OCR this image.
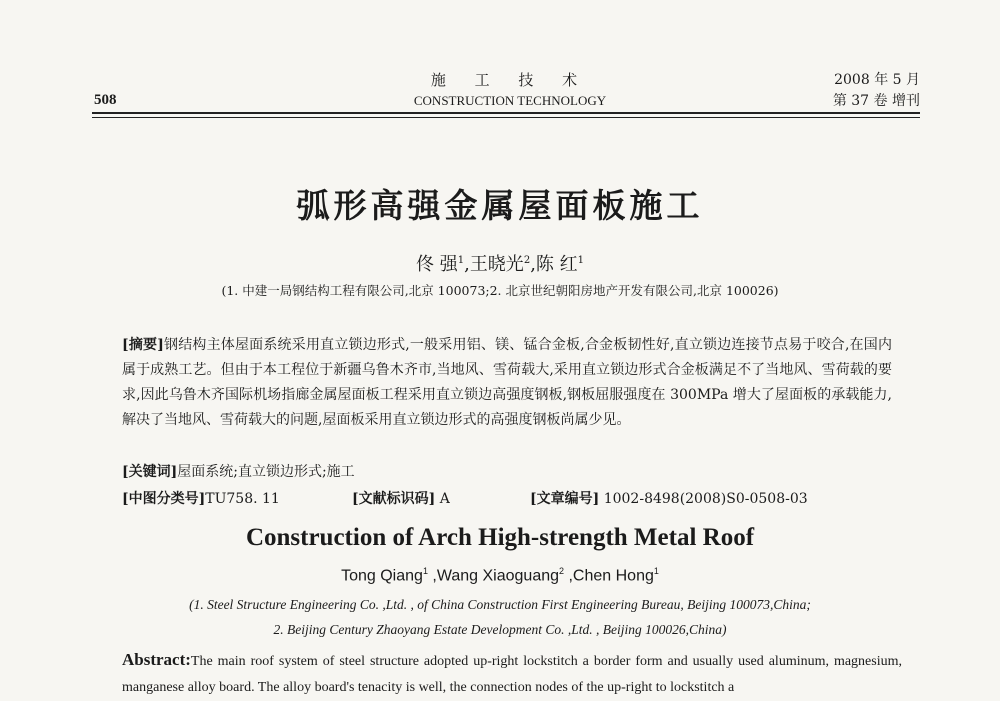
508
施 工 技 术
CONSTRUCTION TECHNOLOGY
2008 年 5 月
第 37 卷 增刊
弧形高强金属屋面板施工
佟 强$^1$,王晓光$^2$,陈 红$^1$
(1. 中建一局钢结构工程有限公司,北京 100073;2. 北京世纪朝阳房地产开发有限公司,北京 100026)
[摘要]钢结构主体屋面系统采用直立锁边形式,一般采用铝、镁、锰合金板,合金板韧性好,直立锁边连接节点易于咬合,在国内属于成熟工艺。但由于本工程位于新疆乌鲁木齐市,当地风、雪荷载大,采用直立锁边形式合金板满足不了当地风、雪荷载的要求,因此乌鲁木齐国际机场指廊金属屋面板工程采用直立锁边高强度钢板,钢板屈服强度在 300MPa 增大了屋面板的承载能力,解决了当地风、雪荷载大的问题,屋面板采用直立锁边形式的高强度钢板尚属少见。
[关键词]屋面系统;直立锁边形式;施工
[中图分类号]TU758. 11	[文献标识码] A	[文章编号] 1002-8498(2008)S0-0508-03
Construction of Arch High-strength Metal Roof
Tong Qiang$^1$ ,Wang Xiaoguang$^2$ ,Chen Hong$^1$
(1. Steel Structure Engineering Co. ,Ltd. , of China Construction First Engineering Bureau, Beijing 100073,China;
2. Beijing Century Zhaoyang Estate Development Co. ,Ltd. , Beijing 100026,China)
Abstract:The main roof system of steel structure adopted up-right lockstitch a border form and usually used aluminum, magnesium, manganese alloy board. The alloy board's tenacity is well, the connection nodes of the up-right to lockstitch a
